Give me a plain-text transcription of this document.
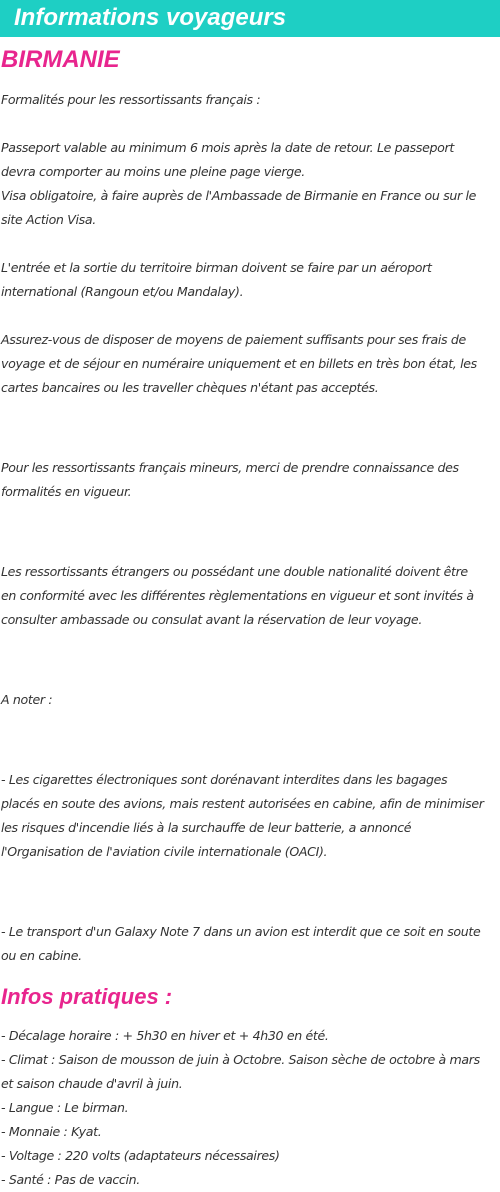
Informations voyageurs
BIRMANIE

Formalités pour les ressortissants français :

Passeport valable au minimum 6 mois après la date de retour. Le passeport
devra comporter au moins une pleine page vierge.
Visa obligatoire, à faire auprès de l'Ambassade de Birmanie en France ou sur le
site Action Visa.

L'entrée et la sortie du territoire birman doivent se faire par un aéroport
international (Rangoun et/ou Mandalay).

Assurez-vous de disposer de moyens de paiement suffisants pour ses frais de
voyage et de séjour en numéraire uniquement et en billets en très bon état, les
cartes bancaires ou les traveller chèques n'étant pas acceptés.

Pour les ressortissants français mineurs, merci de prendre connaissance des
formalités en vigueur.

Les ressortissants étrangers ou possédant une double nationalité doivent être
en conformité avec les différentes règlementations en vigueur et sont invités à
consulter ambassade ou consulat avant la réservation de leur voyage.

A noter :

- Les cigarettes électroniques sont dorénavant interdites dans les bagages
placés en soute des avions, mais restent autorisées en cabine, afin de minimiser
les risques d'incendie liés à la surchauffe de leur batterie, a annoncé
l'Organisation de l'aviation civile internationale (OACI).

- Le transport d'un Galaxy Note 7 dans un avion est interdit que ce soit en soute
ou en cabine.

Infos pratiques :

- Décalage horaire : + 5h30 en hiver et + 4h30 en été.
- Climat : Saison de mousson de juin à Octobre. Saison sèche de octobre à mars
et saison chaude d'avril à juin.
- Langue : Le birman.
- Monnaie : Kyat.
- Voltage : 220 volts (adaptateurs nécessaires)
- Santé : Pas de vaccin.
